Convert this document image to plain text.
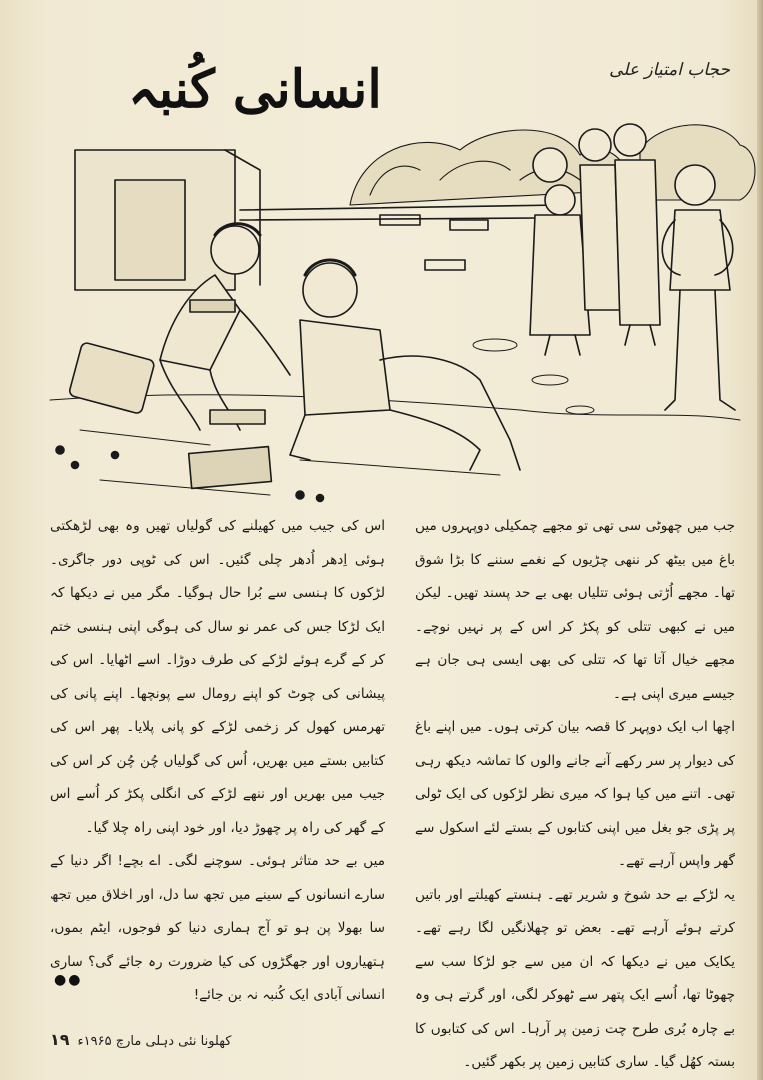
انسانی کُنبہ	حجاب امتیاز علی

جب میں چھوٹی سی تھی تو مجھے چمکیلی دوپہروں میں باغ میں بیٹھ کر ننھی چڑیوں کے نغمے سننے کا بڑا شوق تھا۔ مجھے اُڑتی ہوئی تتلیاں بھی بے حد پسند تھیں۔ لیکن میں نے کبھی تتلی کو پکڑ کر اس کے پر نہیں نوچے۔ مجھے خیال آتا تھا کہ تتلی کی بھی ایسی ہی جان ہے جیسے میری اپنی ہے۔

اچھا اب ایک دوپہر کا قصہ بیان کرتی ہوں۔ میں اپنے باغ کی دیوار پر سر رکھے آنے جانے والوں کا تماشہ دیکھ رہی تھی۔ اتنے میں کیا ہوا کہ میری نظر لڑکوں کی ایک ٹولی پر پڑی جو بغل میں اپنی کتابوں کے بستے لئے اسکول سے گھر واپس آرہے تھے۔

یہ لڑکے بے حد شوخ و شریر تھے۔ ہنستے کھیلتے اور باتیں کرتے ہوئے آرہے تھے۔ بعض تو چھلانگیں لگا رہے تھے۔ یکایک میں نے دیکھا کہ ان میں سے جو لڑکا سب سے چھوٹا تھا، اُسے ایک پتھر سے ٹھوکر لگی، اور گرتے ہی وہ بے چارہ بُری طرح چت زمین پر آرہا۔ اس کی کتابوں کا بستہ کھُل گیا۔ ساری کتابیں زمین پر بکھر گئیں۔

اس کی جیب میں کھیلنے کی گولیاں تھیں وہ بھی لڑھکتی ہوئی اِدھر اُدھر چلی گئیں۔ اس کی ٹوپی دور جاگری۔ لڑکوں کا ہنسی سے بُرا حال ہوگیا۔ مگر میں نے دیکھا کہ ایک لڑکا جس کی عمر نو سال کی ہوگی اپنی ہنسی ختم کر کے گرے ہوئے لڑکے کی طرف دوڑا۔ اسے اٹھایا۔ اس کی پیشانی کی چوٹ کو اپنے رومال سے پونچھا۔ اپنے پانی کی تھرمس کھول کر زخمی لڑکے کو پانی پلایا۔ پھر اس کی کتابیں بستے میں بھریں، اُس کی گولیاں چُن چُن کر اس کی جیب میں بھریں اور ننھے لڑکے کی انگلی پکڑ کر اُسے اس کے گھر کی راہ پر چھوڑ دیا، اور خود اپنی راہ چلا گیا۔

میں بے حد متاثر ہوئی۔ سوچنے لگی۔ اے بچے! اگر دنیا کے سارے انسانوں کے سینے میں تجھ سا دل، اور اخلاق میں تجھ سا بھولا پن ہو تو آج ہماری دنیا کو فوجوں، ایٹم بموں، ہتھیاروں اور جھگڑوں کی کیا ضرورت رہ جائے گی؟ ساری انسانی آبادی ایک کُنبہ نہ بن جائے!

●●
۱۹ کھلونا نئی دہلی مارچ ۱۹۶۵ء
